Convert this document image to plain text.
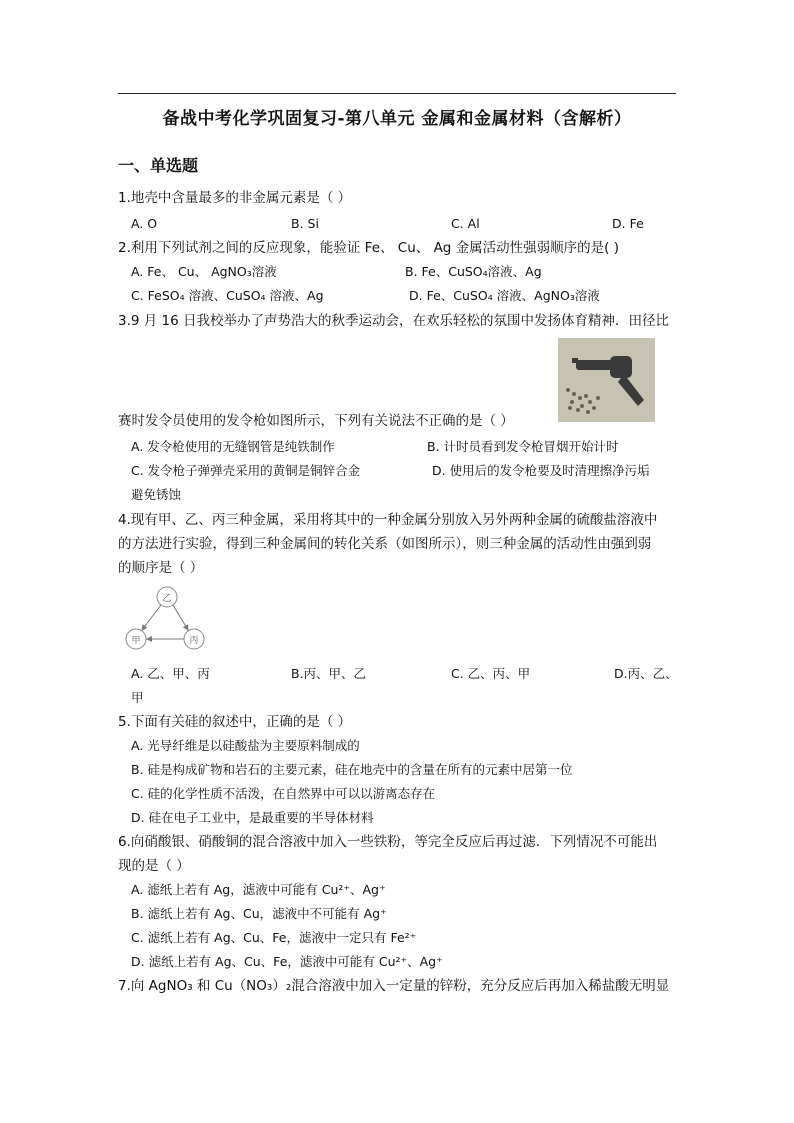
备战中考化学巩固复习-第八单元 金属和金属材料（含解析）
一、单选题
1.地壳中含量最多的非金属元素是（ ）
A. O	B. Si	C. Al	D. Fe
2.利用下列试剂之间的反应现象，能验证 Fe、 Cu、 Ag 金属活动性强弱顺序的是( )
A. Fe、 Cu、 AgNO₃溶液	B. Fe、CuSO₄溶液、Ag
C. FeSO₄ 溶液、CuSO₄ 溶液、Ag	D. Fe、CuSO₄ 溶液、AgNO₃溶液
3.9 月 16 日我校举办了声势浩大的秋季运动会，在欢乐轻松的氛围中发扬体育精神．田径比
赛时发令员使用的发令枪如图所示，下列有关说法不正确的是（ ）
A. 发令枪使用的无缝钢管是纯铁制作	B. 计时员看到发令枪冒烟开始计时
C. 发令枪子弹弹壳采用的黄铜是铜锌合金	D. 使用后的发令枪要及时清理擦净污垢
避免锈蚀
4.现有甲、乙、丙三种金属，采用将其中的一种金属分别放入另外两种金属的硫酸盐溶液中
的方法进行实验，得到三种金属间的转化关系（如图所示），则三种金属的活动性由强到弱
的顺序是（ ）
乙
甲	丙
A. 乙、甲、丙	B.丙、甲、乙	C. 乙、丙、甲	D.丙、乙、
甲
5.下面有关硅的叙述中，正确的是（ ）
A. 光导纤维是以硅酸盐为主要原料制成的
B. 硅是构成矿物和岩石的主要元素，硅在地壳中的含量在所有的元素中居第一位
C. 硅的化学性质不活泼，在自然界中可以以游离态存在
D. 硅在电子工业中，是最重要的半导体材料
6.向硝酸银、硝酸铜的混合溶液中加入一些铁粉，等完全反应后再过滤．下列情况不可能出
现的是（ ）
A. 滤纸上若有 Ag，滤液中可能有 Cu²⁺、Ag⁺
B. 滤纸上若有 Ag、Cu，滤液中不可能有 Ag⁺
C. 滤纸上若有 Ag、Cu、Fe，滤液中一定只有 Fe²⁺
D. 滤纸上若有 Ag、Cu、Fe，滤液中可能有 Cu²⁺、Ag⁺
7.向 AgNO₃ 和 Cu（NO₃）₂混合溶液中加入一定量的锌粉，充分反应后再加入稀盐酸无明显
